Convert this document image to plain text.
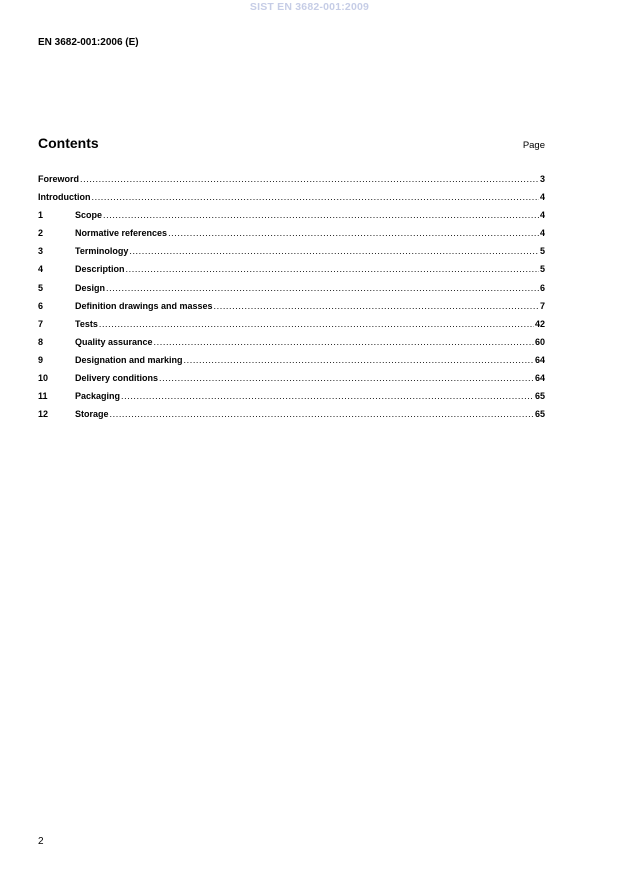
SIST EN 3682-001:2009
EN 3682-001:2006 (E)
Contents	Page
Foreword .....	3
Introduction .....	4
1	Scope .....	4
2	Normative references .....	4
3	Terminology .....	5
4	Description .....	5
5	Design .....	6
6	Definition drawings and masses .....	7
7	Tests .....	42
8	Quality assurance .....	60
9	Designation and marking .....	64
10	Delivery conditions .....	64
11	Packaging .....	65
12	Storage .....	65
2
